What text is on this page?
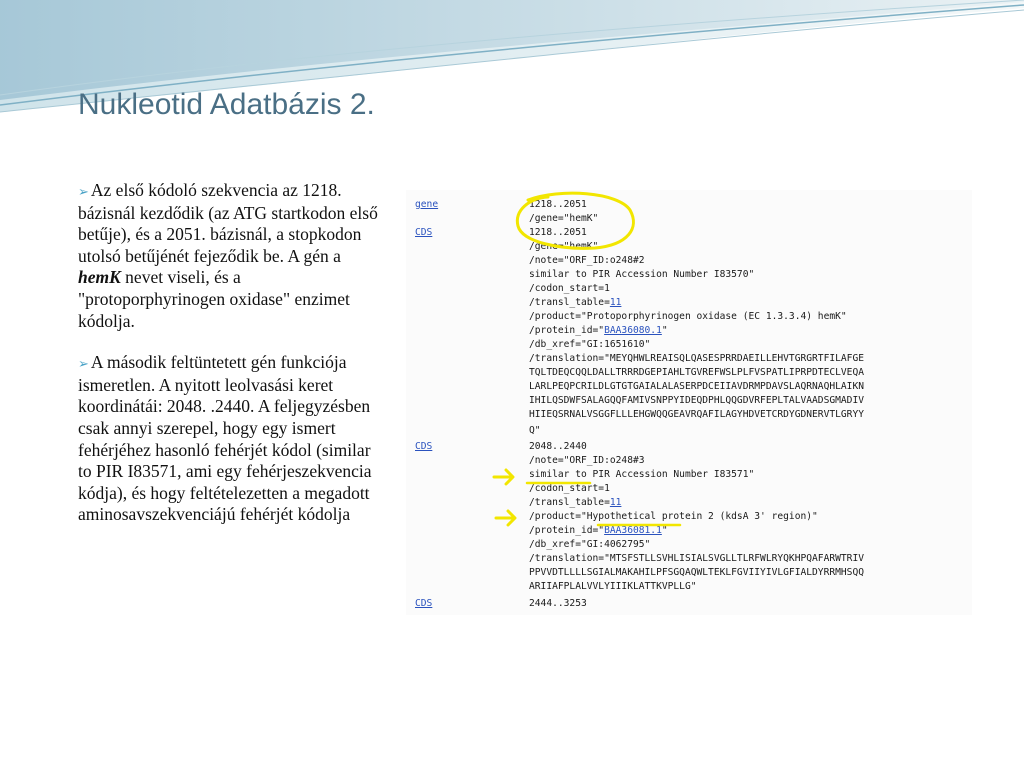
Nukleotid Adatbázis 2.

➢ Az első kódoló szekvencia az 1218. bázisnál kezdődik (az ATG startkodon első betűje), és a 2051. bázisnál, a stopkodon utolsó betűjénét fejeződik be. A gén a hemK nevet viseli, és a "protoporphyrinogen oxidase" enzimet kódolja.

➢ A második feltüntetett gén funkciója ismeretlen. A nyitott leolvasási keret koordinátái: 2048. .2440. A feljegyzésben csak annyi szerepel, hogy egy ismert fehérjéhez hasonló fehérjét kódol (similar to PIR I83571, ami egy fehérjeszekvencia kódja), és hogy feltételezetten a megadott aminosavszekvenciájú fehérjét kódolja

gene
CDS
CDS
CDS
1218..2051
/gene="hemK"
1218..2051
/gene="hemK"
/note="ORF_ID:o248#2
similar to PIR Accession Number I83570"
/codon_start=1
/transl_table=11
/product="Protoporphyrinogen oxidase (EC 1.3.3.4) hemK"
/protein_id="BAA36080.1"
/db_xref="GI:1651610"
/translation="MEYQHWLREAISQLQASESPRRDAEILLEHVTGRGRTFILAFGE
TQLTDEQCQQLDALLTRRRDGEPIAHLTGVREFWSLPLFVSPATLIPRPDTECLVEQA
LARLPEQPCRILDLGTGTGAIALALASERPDCEIIAVDRMPDAVSLAQRNAQHLAIKN
IHILQSDWFSALAGQQFAMIVSNPPYIDEQDPHLQQGDVRFEPLTALVAADSGMADIV
HIIEQSRNALVSGGFLLLEHGWQQGEAVRQAFILAGYHDVETCRDYGDNERVTLGRYY
Q"
2048..2440
/note="ORF_ID:o248#3
similar to PIR Accession Number I83571"
/codon_start=1
/transl_table=11
/product="Hypothetical protein 2 (kdsA 3' region)"
/protein_id="BAA36081.1"
/db_xref="GI:4062795"
/translation="MTSFSTLLSVHLISIALSVGLLTLRFWLRYQKHPQAFARWTRIV
PPVVDTLLLLSGIALMAKAHILPFSGQAQWLTEKLFGVIIYIVLGFIALDYRRMHSQQ
ARIIAFPLALVVLYIIIKLATTKVPLLG"
2444..3253
